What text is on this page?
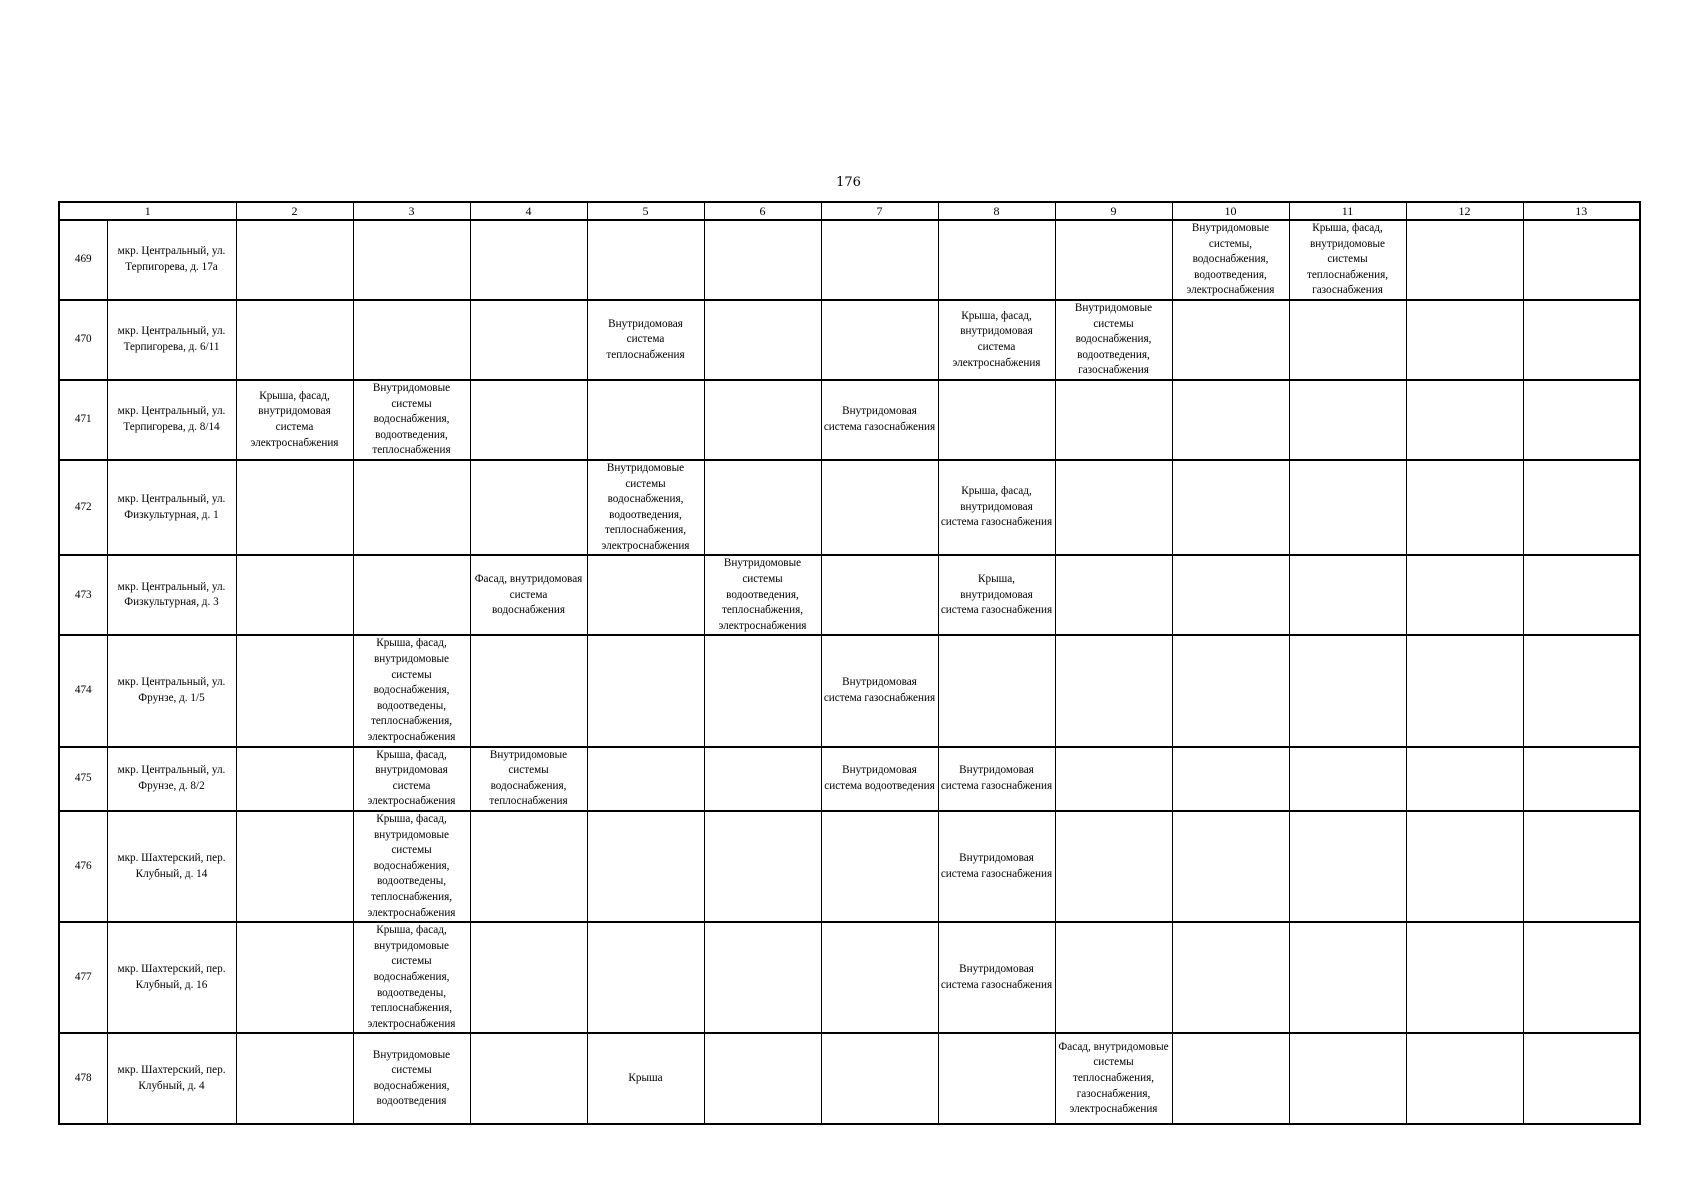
176
1		2	3	4	5	6	7	8	9	10	11	12	13
469	мкр. Центральный, ул. Терпигорева, д. 17а									Внутридомовые системы, водоснабжения, водоотведения, электроснабжения	Крыша, фасад, внутридомовые системы теплоснабжения, газоснабжения		
470	мкр. Центральный, ул. Терпигорева, д. 6/11				Внутридомовая система теплоснабжения			Крыша, фасад, внутридомовая система электроснабжения	Внутридомовые системы водоснабжения, водоотведения, газоснабжения				
471	мкр. Центральный, ул. Терпигорева, д. 8/14	Крыша, фасад, внутридомовая система электроснабжения	Внутридомовые системы водоснабжения, водоотведения, теплоснабжения				Внутридомовая система газоснабжения						
472	мкр. Центральный, ул. Физкультурная, д. 1				Внутридомовые системы водоснабжения, водоотведения, теплоснабжения, электроснабжения			Крыша, фасад, внутридомовая система газоснабжения					
473	мкр. Центральный, ул. Физкультурная, д. 3			Фасад, внутридомовая система водоснабжения		Внутридомовые системы водоотведения, теплоснабжения, электроснабжения		Крыша, внутридомовая система газоснабжения					
474	мкр. Центральный, ул. Фрунзе, д. 1/5		Крыша, фасад, внутридомовые системы водоснабжения, водоотведены, теплоснабжения, электроснабжения				Внутридомовая система газоснабжения						
475	мкр. Центральный, ул. Фрунзе, д. 8/2		Крыша, фасад, внутридомовая система электроснабжения	Внутридомовые системы водоснабжения, теплоснабжения			Внутридомовая система водоотведения	Внутридомовая система газоснабжения					
476	мкр. Шахтерский, пер. Клубный, д. 14		Крыша, фасад, внутридомовые системы водоснабжения, водоотведены, теплоснабжения, электроснабжения					Внутридомовая система газоснабжения					
477	мкр. Шахтерский, пер. Клубный, д. 16		Крыша, фасад, внутридомовые системы водоснабжения, водоотведены, теплоснабжения, электроснабжения					Внутридомовая система газоснабжения					
478	мкр. Шахтерский, пер. Клубный, д. 4		Внутридомовые системы водоснабжения, водоотведения		Крыша				Фасад, внутридомовые системы теплоснабжения, газоснабжения, электроснабжения				
